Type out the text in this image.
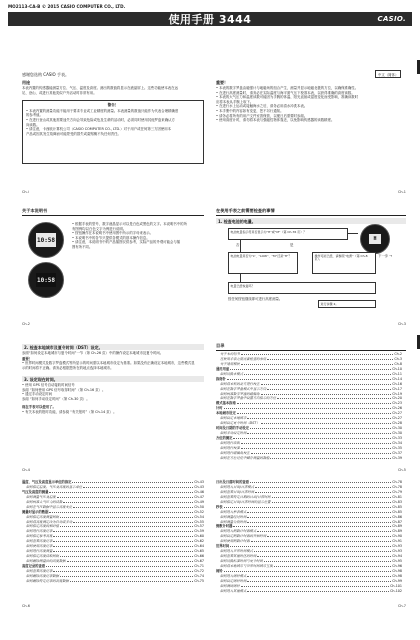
MO2113-CA-B © 2015 CASIO COMPUTER CO., LTD.
使用手册 3444	CASIO.
中文（简体）
感谢您选购 CASIO 手表。
用途
本表内置的传感器能测量方位、气压、温度及高度。测出的数值将显示在液晶屏上。这些功能使本表在远
足、登山、或进行其他类似户外活动时非常有用。
警告！
• 本表内置的测量功能不能用于要求专业或工业精度的测量。本表测量的数值只能作为代表合理精确度
的参考值。
• 在进行登山或其他需要迷失方向会导致危险或危及生命的活动时，必须同时使用其他罗盘来确认方
向读数。
• 请注意，卡西欧计算机公司（CASIO COMPUTER CO., LTD.）对于用户或任何第三方因使用本
产品或因其发生故障而可能蒙受的损失或索赔概不负任何责任。
重要！
• 本表的数字罗盘由磁强计与地磁场的组合产生，测量并显示地磁北极的方位，以确保准确性。
• 在进行高度测量时，请务必在实际温度与海平面气压下校准本表，以获得准确的高度读数。
• 本表的大气压力和温度读数可能因为手腕的体温、阳光直射或湿度变化而受影响，准确读数时
应将本表从手腕上取下。
• 在进行水上运动或接触海水之后，请务必用清水冲洗本表。
• 本手册中的内容如有变更，恕不另行通知。
• 请务必将所有的用户文件妥善保管，以便日后需要时参阅。
• 使用高度计时，请勿将本表与强磁性物体靠近，以免影响传感器的读数精度。
Ch-i	Ch-1
关于本说明书
10:58
10:58
• 根据手表的型号，数字液晶显示可以是白色或黑色的文字。本说明书中的所
有图例均以白色文字为例进行说明。
• 按钮操作在本说明书中使用图中所示的字母来表示。
• 本说明书中的各节只提供各模式的基本操作信息。
• 请注意，本说明书中的产品插图仅供参考，实际产品的外观可能会与插
图有所不同。
在使用手表之前需要检查的事情
1. 检查电池的电量。
电池电量指示符是否显示为“H”或“M”（第 Ch-76 页）？
H
是
否
电池电量是否为“L”、“LOW”、“M”还是“H”？	操作可能已经，请参照“电源”（第 Ch-8 页）。
下一步 →
电量已经恢复吗？
进行步骤 2。
按任何按钮继续即可进行高度测量。
Ch-2	Ch-3
2. 检查本地城市及夏令时间（DST）设定。
参照“如何设定本地城市与夏令时间”一节（第 Ch-26 页）中的操作设定本地城市及夏令时间。
重要！
• 世界时间模式及数字罗盘模式等所显示的时间需以本地城市设定为基准。如果没有正确设定本地城市，这些模式显
示的时间将不正确。请务必根据您所在的地点选择本地城市。
3. 设定现在时间。
• 使用 GPS 信号自动接收时间信号
参阅 “如何使用 GPS 信号取得时间”（第 Ch-16 页）。
• 通过手动设定时间
参阅 “如何手动设定时间”（第 Ch-30 页）。
现在手表可以使用了。
• 有关本表的报时功能，请参阅 “有关报时”（第 Ch-14 页）。
目录
关于本说明书	Ch-2
在使用手表之前需要检查的事情	Ch-3
关于通用模块	Ch-8
通用用途	Ch-10
如何切换本模式	Ch-11
指南针	Ch-14
如何将本机的北方进行校正	Ch-16
如何在数字罗盘模式中显示方向	Ch-17
如何校准数字罗盘的磁偏角	Ch-19
如何在数字罗盘中设置方向指示的方位	Ch-20
模式基本指南	Ch-23
计时	Ch-26
本地城市设定	Ch-27
如何设定本地城市	Ch-27
如何设定夏令时间（DST）	Ch-28
时间及日期的手动设定	Ch-30
如何手动设定时间	Ch-30
方位的测定	Ch-33
如何进行读取	Ch-34
如何进行校准	Ch-35
如何进行磁偏角校正	Ch-37
如何在方位记忆中储存测量的数值	Ch-39
Ch-4	Ch-5
温度、气压及高度显示单位的指定	Ch-43
如何指定温度、气压及高度的显示单位	Ch-43
气压及高度的测量	Ch-46
如何测量气压及温度	Ch-47
如何校准大气压力的读数	Ch-49
如何在气压数据中显示高度变化	Ch-50
测量时显示的数据	Ch-52
如何指定高度测量间隔	Ch-54
如何将高度测定改为自动或手动	Ch-55
如何指定高度的相对值	Ch-57
如何进行高度记录	Ch-59
如何指定参考高度	Ch-60
如何查看高度记录	Ch-62
如何使用高度记录	Ch-64
如何进行高度测量	Ch-65
如何指定高度读取间隔	Ch-66
如何删除测量后的高度数据	Ch-67
高度记录的查看	Ch-71
如何查看高度记录	Ch-72
如何删除高度记录数据	Ch-74
如何删除特定记录的高度数据	Ch-75
日出及日落时间的查看	Ch-78
如何进入日出/日落模式	Ch-78
如何查看日出/日落时间	Ch-79
如何查看特定日期的日出/日落时间	Ch-81
如何指定日出/日落时间的显示位置	Ch-83
秒表	Ch-85
如何进入秒表模式	Ch-85
如何测量经过时间	Ch-86
如何测量分段时间	Ch-87
倒数计时器	Ch-89
如何进入倒数计时器模式	Ch-89
如何设定倒数计时器的开始时间	Ch-90
如何使用倒数计时器	Ch-91
世界时间	Ch-93
如何进入世界时间模式	Ch-93
如何查看其他时区的时间	Ch-94
如何切换标准时间与夏令时间	Ch-95
如何将本地城市与世界时间城市互换	Ch-96
闹铃	Ch-98
如何进入闹铃模式	Ch-98
如何设定闹铃时间	Ch-99
如何测试闹铃	Ch-101
如何进入其他模式	Ch-102
Ch-6	Ch-7
